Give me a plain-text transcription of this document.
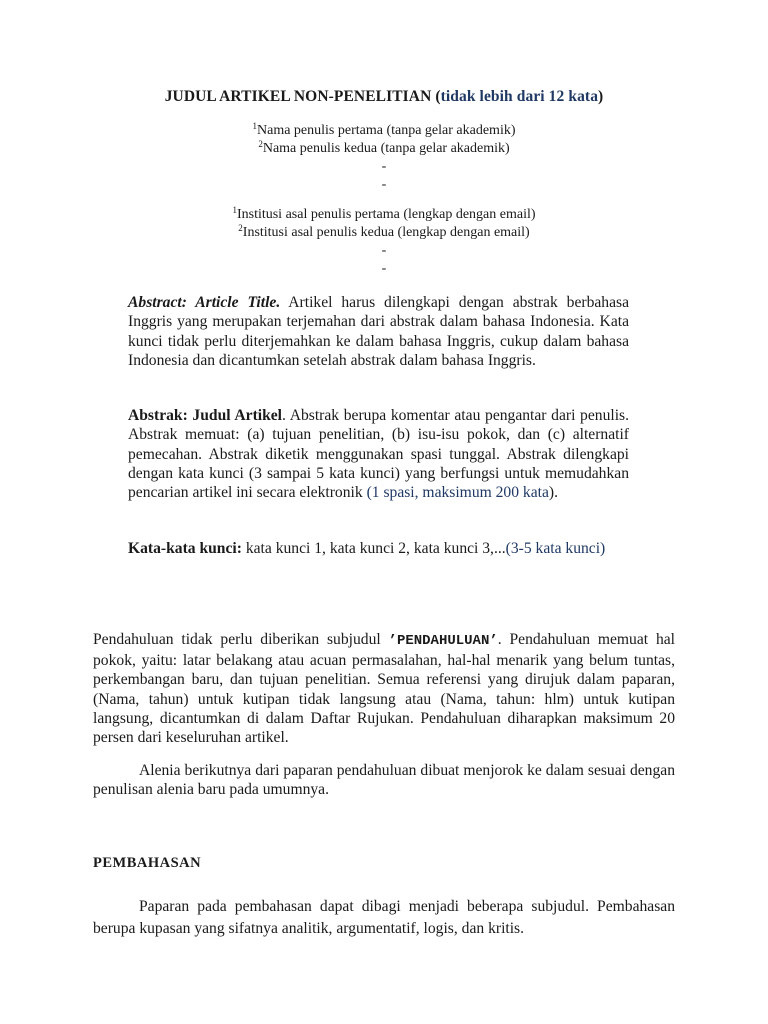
JUDUL ARTIKEL NON-PENELITIAN (tidak lebih dari 12 kata)
$^1$Nama penulis pertama (tanpa gelar akademik)
$^2$Nama penulis kedua (tanpa gelar akademik)
-
-
$^1$Institusi asal penulis pertama (lengkap dengan email)
$^2$Institusi asal penulis kedua (lengkap dengan email)
-
-
Abstract: Article Title. Artikel harus dilengkapi dengan abstrak berbahasa Inggris yang merupakan terjemahan dari abstrak dalam bahasa Indonesia. Kata kunci tidak perlu diterjemahkan ke dalam bahasa Inggris, cukup dalam bahasa Indonesia dan dicantumkan setelah abstrak dalam bahasa Inggris.
Abstrak: Judul Artikel. Abstrak berupa komentar atau pengantar dari penulis. Abstrak memuat: (a) tujuan penelitian, (b) isu-isu pokok, dan (c) alternatif pemecahan. Abstrak diketik menggunakan spasi tunggal. Abstrak dilengkapi dengan kata kunci (3 sampai 5 kata kunci) yang berfungsi untuk memudahkan pencarian artikel ini secara elektronik (1 spasi, maksimum 200 kata).
Kata-kata kunci: kata kunci 1, kata kunci 2, kata kunci 3,...(3-5 kata kunci)
Pendahuluan tidak perlu diberikan subjudul ’PENDAHULUAN’. Pendahuluan memuat hal pokok, yaitu: latar belakang atau acuan permasalahan, hal-hal menarik yang belum tuntas, perkembangan baru, dan tujuan penelitian. Semua referensi yang dirujuk dalam paparan, (Nama, tahun) untuk kutipan tidak langsung atau (Nama, tahun: hlm) untuk kutipan langsung, dicantumkan di dalam Daftar Rujukan. Pendahuluan diharapkan maksimum 20 persen dari keseluruhan artikel.
Alenia berikutnya dari paparan pendahuluan dibuat menjorok ke dalam sesuai dengan penulisan alenia baru pada umumnya.
PEMBAHASAN
Paparan pada pembahasan dapat dibagi menjadi beberapa subjudul. Pembahasan berupa kupasan yang sifatnya analitik, argumentatif, logis, dan kritis.
